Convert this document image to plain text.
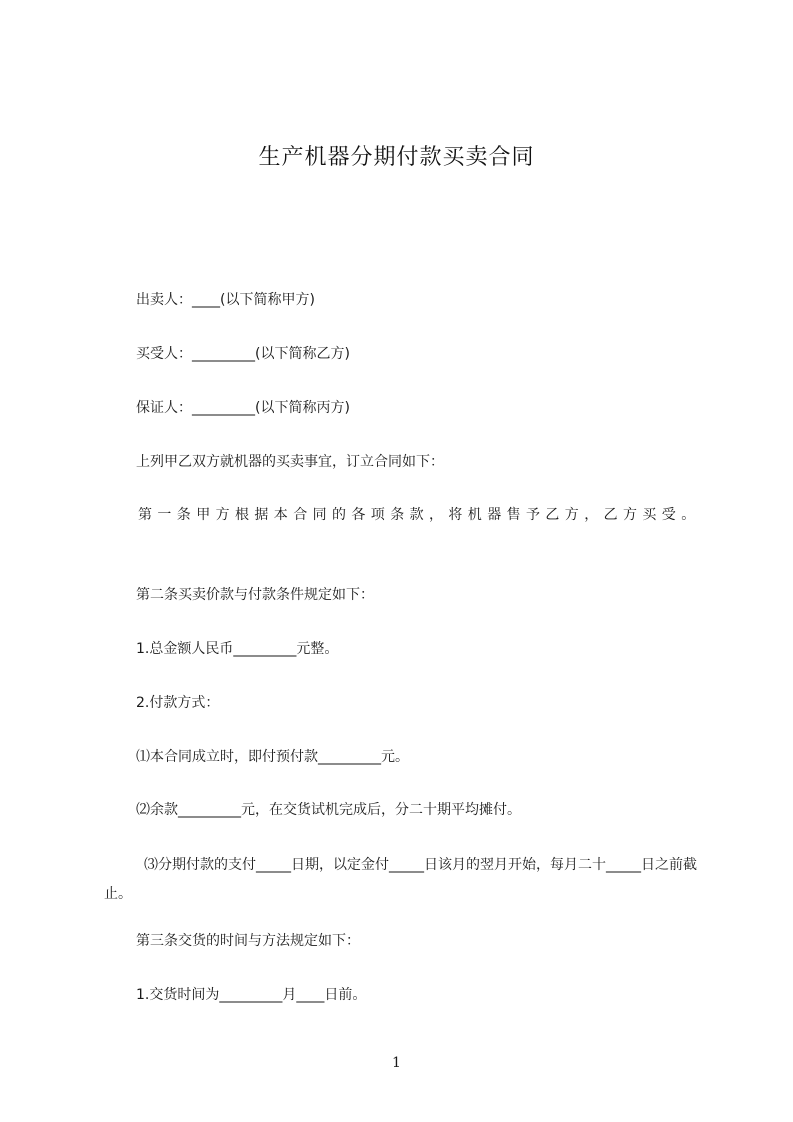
生产机器分期付款买卖合同
出卖人：____(以下简称甲方)
买受人：_________(以下简称乙方)
保证人：_________(以下简称丙方)
上列甲乙双方就机器的买卖事宜，订立合同如下：
第一条甲方根据本合同的各项条款，将机器售予乙方，乙方买受。
第二条买卖价款与付款条件规定如下：
1.总金额人民币_________元整。
2.付款方式：
⑴本合同成立时，即付预付款_________元。
⑵余款_________元，在交货试机完成后，分二十期平均摊付。
⑶分期付款的支付_____日期，以定金付_____日该月的翌月开始，每月二十_____日之前截止。
第三条交货的时间与方法规定如下：
1.交货时间为_________月____日前。
1
